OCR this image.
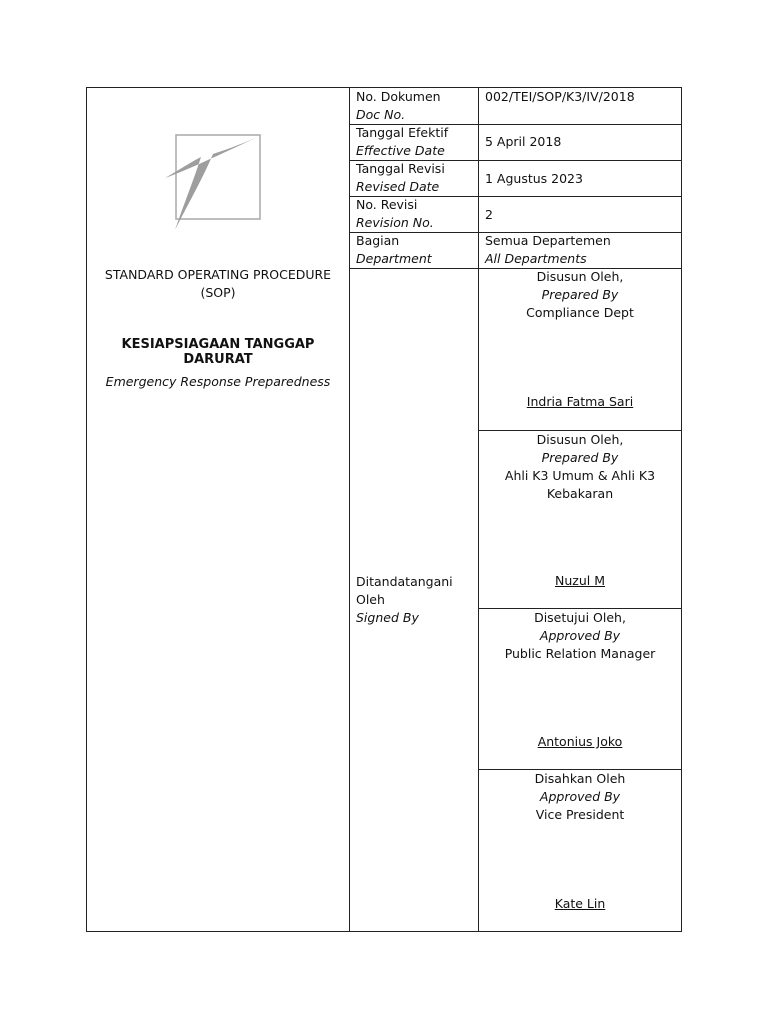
STANDARD OPERATING PROCEDURE
(SOP)
KESIAPSIAGAAN TANGGAP DARURAT
Emergency Response Preparedness
No. Dokumen
Doc No.
002/TEI/SOP/K3/IV/2018
Tanggal Efektif
Effective Date
5 April 2018
Tanggal Revisi
Revised Date
1 Agustus 2023
No. Revisi
Revision No.
2
Bagian
Department
Semua Departemen
All Departments
Ditandatangani
Oleh
Signed By
Disusun Oleh,
Prepared By
Compliance Dept
Indria Fatma Sari
Disusun Oleh,
Prepared By
Ahli K3 Umum & Ahli K3
Kebakaran
Nuzul M
Disetujui Oleh,
Approved By
Public Relation Manager
Antonius Joko
Disahkan Oleh
Approved By
Vice President
Kate Lin
